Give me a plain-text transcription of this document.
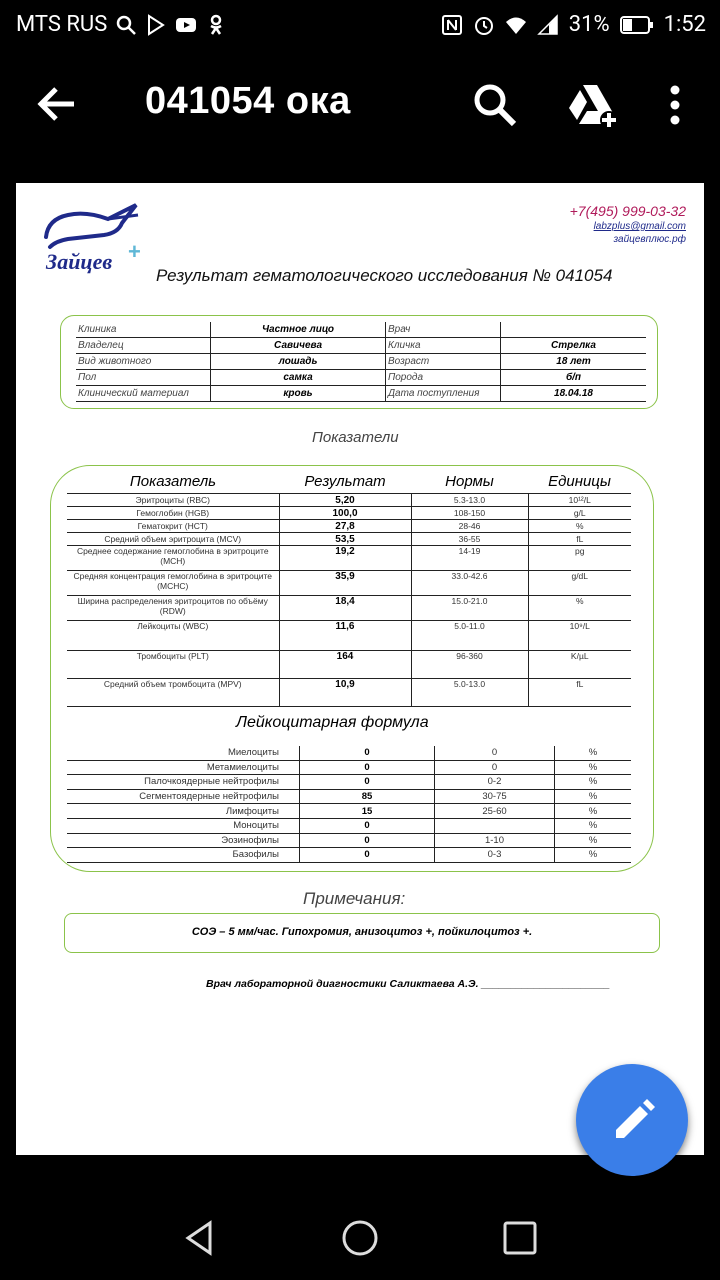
MTS RUS	31% 1:52
041054 ока
Зайцев +
+7(495) 999-03-32
labzplus@gmail.com
зайцевплюс.рф
Результат гематологического исследования № 041054
Клиника	Частное лицо	Врач	
Владелец	Савичева	Кличка	Стрелка
Вид животного	лошадь	Возраст	18 лет
Пол	самка	Порода	б/п
Клинический материал	кровь	Дата поступления	18.04.18
Показатели
Показатель	Результат	Нормы	Единицы
Эритроциты (RBC)	5,20	5.3-13.0	10¹²/L
Гемоглобин (HGB)	100,0	108-150	g/L
Гематокрит (HCT)	27,8	28-46	%
Средний объем эритроцита (MCV)	53,5	36-55	fL
Среднее содержание гемоглобина в эритроците (MCH)	19,2	14-19	pg
Средняя концентрация гемоглобина в эритроците (MCHC)	35,9	33.0-42.6	g/dL
Ширина распределения эритроцитов по объёму (RDW)	18,4	15.0-21.0	%
Лейкоциты (WBC)	11,6	5.0-11.0	10⁹/L
Тромбоциты (PLT)	164	96-360	K/µL
Средний объем тромбоцита (MPV)	10,9	5.0-13.0	fL
Лейкоцитарная формула
Миелоциты	0	0	%
Метамиелоциты	0	0	%
Палочкоядерные нейтрофилы	0	0-2	%
Сегментоядерные нейтрофилы	85	30-75	%
Лимфоциты	15	25-60	%
Моноциты	0		%
Эозинофилы	0	1-10	%
Базофилы	0	0-3	%
Примечания:
СОЭ – 5 мм/час. Гипохромия, анизоцитоз +, пойкилоцитоз +.
Врач лабораторной диагностики Саликтаева А.Э. ______________________
